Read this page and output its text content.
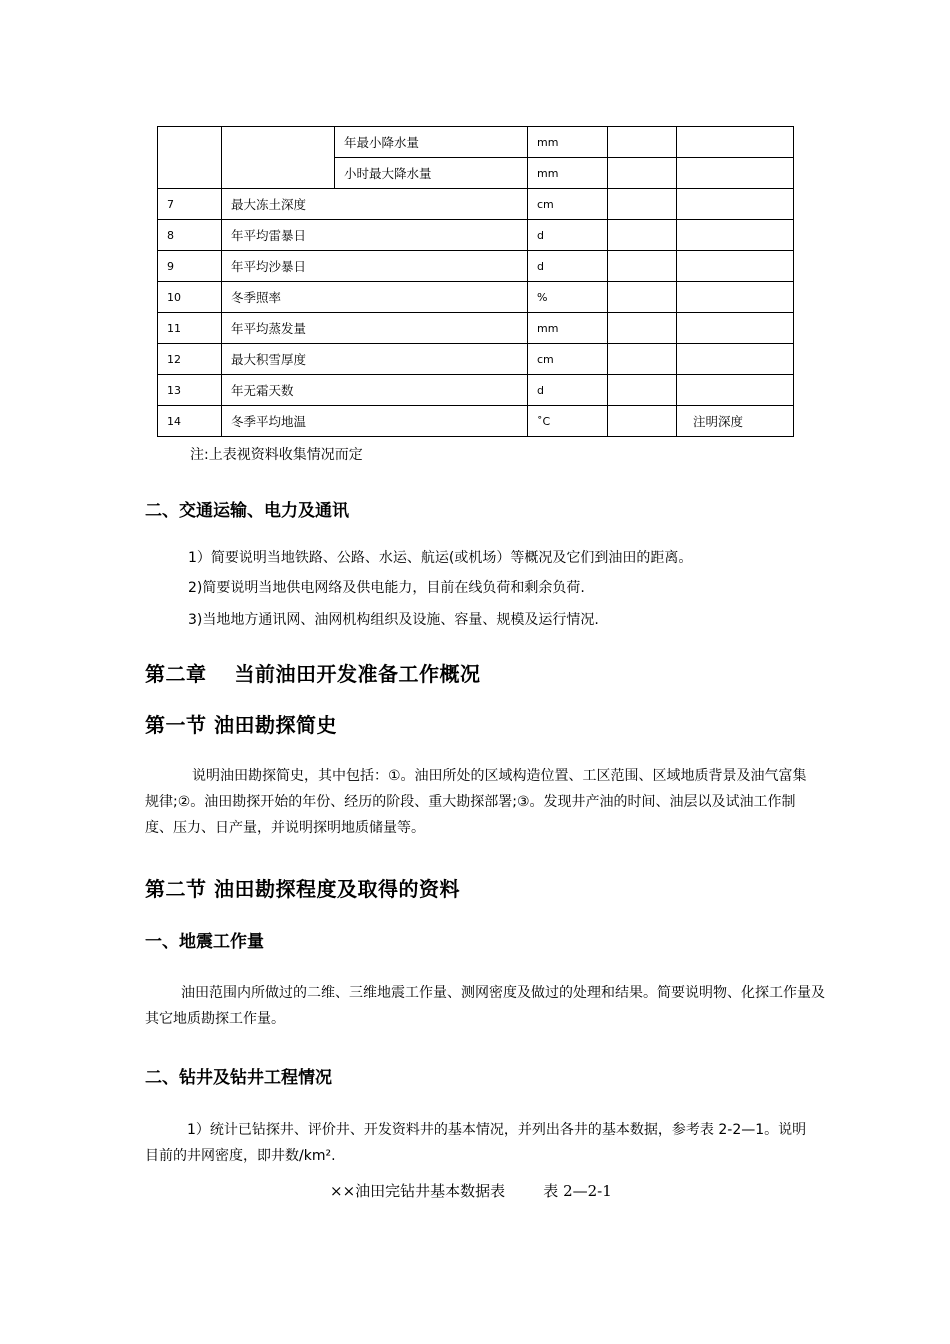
		年最小降水量	mm		
		小时最大降水量	mm		
7	最大冻土深度		cm		
8	年平均雷暴日		d		
9	年平均沙暴日		d		
10	冬季照率		%		
11	年平均蒸发量		mm		
12	最大积雪厚度		cm		
13	年无霜天数		d		
14	冬季平均地温		˚C		注明深度

注:上表视资料收集情况而定

二、交通运输、电力及通讯

1）简要说明当地铁路、公路、水运、航运(或机场）等概况及它们到油田的距离。

2)简要说明当地供电网络及供电能力，目前在线负荷和剩余负荷.

3)当地地方通讯网、油网机构组织及设施、容量、规模及运行情况.

第二章　 当前油田开发准备工作概况
第一节 油田勘探简史

说明油田勘探简史，其中包括：①。油田所处的区域构造位置、工区范围、区域地质背景及油气富集规律;②。油田勘探开始的年份、经历的阶段、重大勘探部署;③。发现井产油的时间、油层以及试油工作制度、压力、日产量，并说明探明地质储量等。

第二节 油田勘探程度及取得的资料
一、地震工作量

油田范围内所做过的二维、三维地震工作量、测网密度及做过的处理和结果。简要说明物、化探工作量及其它地质勘探工作量。

二、钻井及钻井工程情况

1）统计已钻探井、评价井、开发资料井的基本情况，并列出各井的基本数据，参考表 2-2—1。说明目前的井网密度，即井数/km².

××油田完钻井基本数据表	表 2—2-1
